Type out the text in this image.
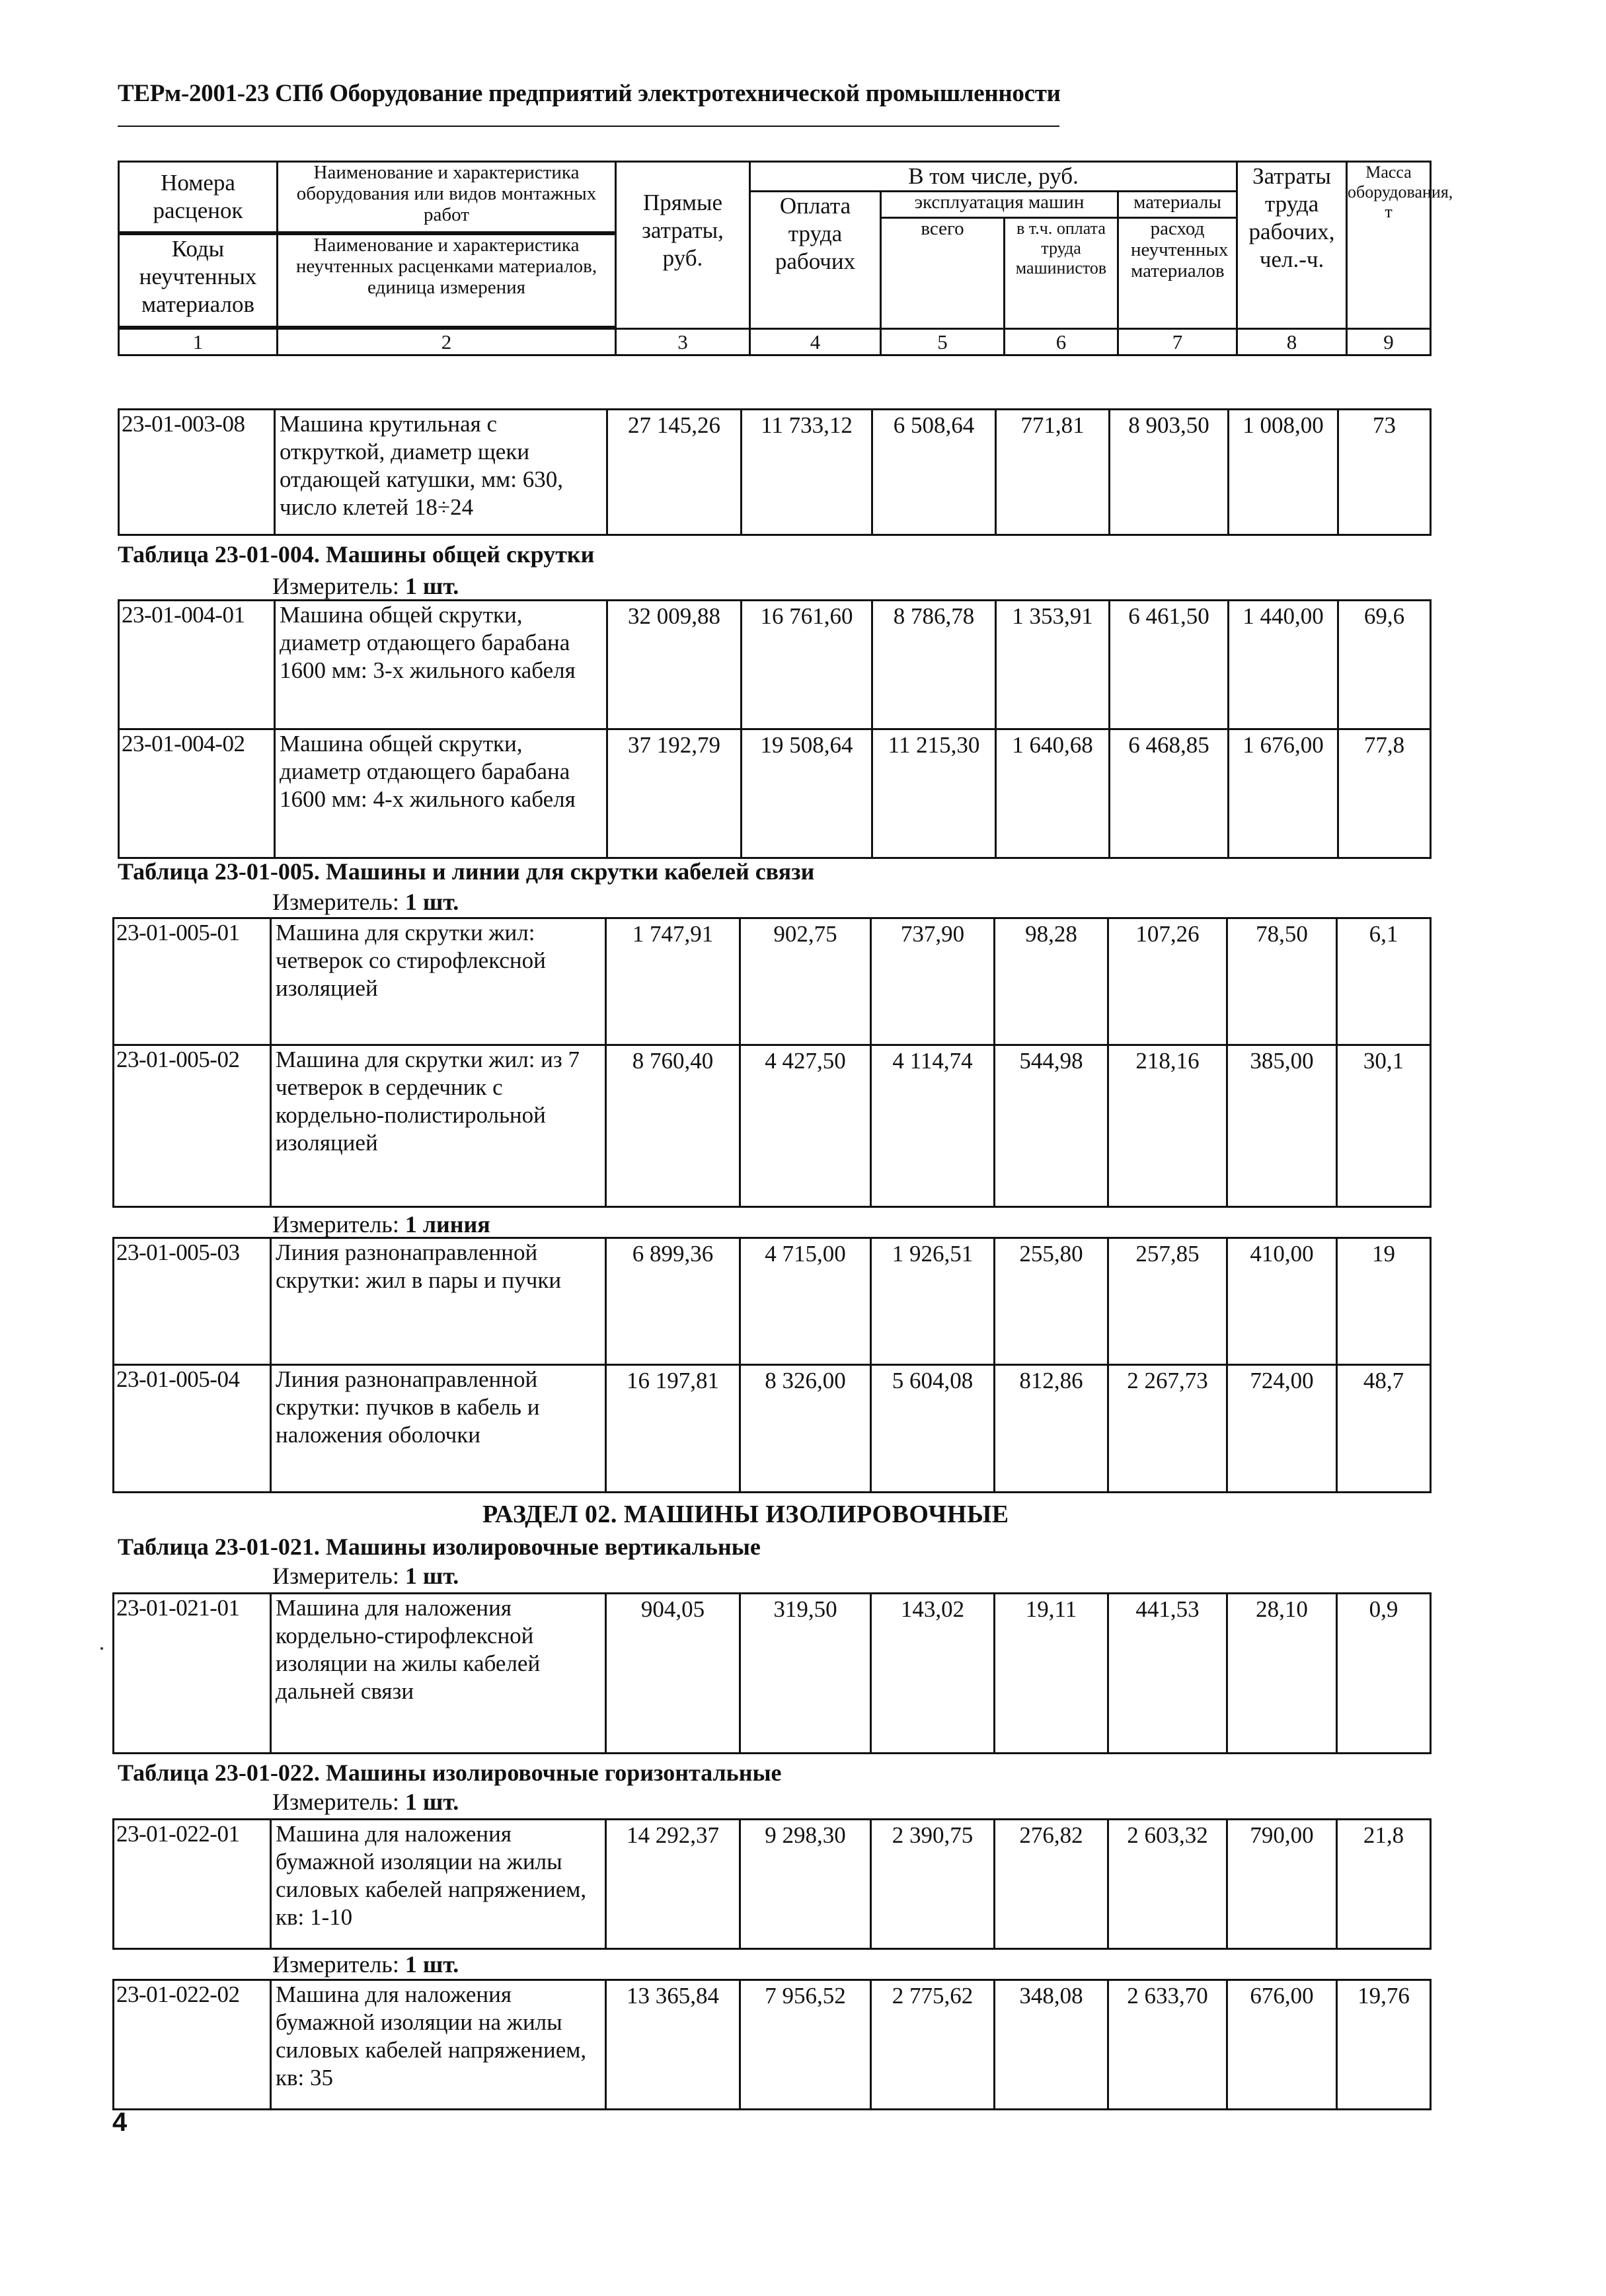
ТЕРм-2001-23 СПб Оборудование предприятий электротехнической промышленности
Номера расценок	Наименование и характеристика оборудования или видов монтажных работ	Прямые затраты, руб.	В том числе, руб.				Затраты труда рабочих, чел.-ч.	Масса оборудования, т
			Оплата труда рабочих	эксплуатация машин		материалы		
				всего	в т.ч. оплата труда машинистов	расход неучтенных материалов		

Коды неучтенных материалов	Наименование и характеристика неучтенных расценками материалов, единица измерения							

1	2	3	4	5	6	7	8	9
23-01-003-08	Машина крутильная с откруткой, диаметр щеки отдающей катушки, мм: 630, число клетей 18÷24	27 145,26	11 733,12	6 508,64	771,81	8 903,50	1 008,00	73
Таблица 23-01-004. Машины общей скрутки
Измеритель: 1 шт.
23-01-004-01	Машина общей скрутки, диаметр отдающего барабана 1600 мм: 3-х жильного кабеля	32 009,88	16 761,60	8 786,78	1 353,91	6 461,50	1 440,00	69,6
23-01-004-02	Машина общей скрутки, диаметр отдающего барабана 1600 мм: 4-х жильного кабеля	37 192,79	19 508,64	11 215,30	1 640,68	6 468,85	1 676,00	77,8
Таблица 23-01-005. Машины и линии для скрутки кабелей связи
Измеритель: 1 шт.
23-01-005-01	Машина для скрутки жил: четверок со стирофлексной изоляцией	1 747,91	902,75	737,90	98,28	107,26	78,50	6,1
23-01-005-02	Машина для скрутки жил: из 7 четверок в сердечник с кордельно-полистирольной изоляцией	8 760,40	4 427,50	4 114,74	544,98	218,16	385,00	30,1
Измеритель: 1 линия
23-01-005-03	Линия разнонаправленной скрутки: жил в пары и пучки	6 899,36	4 715,00	1 926,51	255,80	257,85	410,00	19
23-01-005-04	Линия разнонаправленной скрутки: пучков в кабель и наложения оболочки	16 197,81	8 326,00	5 604,08	812,86	2 267,73	724,00	48,7
РАЗДЕЛ 02. МАШИНЫ ИЗОЛИРОВОЧНЫЕ
Таблица 23-01-021. Машины изолировочные вертикальные
Измеритель: 1 шт.
23-01-021-01	Машина для наложения кордельно-стирофлексной изоляции на жилы кабелей дальней связи	904,05	319,50	143,02	19,11	441,53	28,10	0,9
Таблица 23-01-022. Машины изолировочные горизонтальные
Измеритель: 1 шт.
23-01-022-01	Машина для наложения бумажной изоляции на жилы силовых кабелей напряжением, кв: 1-10	14 292,37	9 298,30	2 390,75	276,82	2 603,32	790,00	21,8
Измеритель: 1 шт.
23-01-022-02	Машина для наложения бумажной изоляции на жилы силовых кабелей напряжением, кв: 35	13 365,84	7 956,52	2 775,62	348,08	2 633,70	676,00	19,76
4
